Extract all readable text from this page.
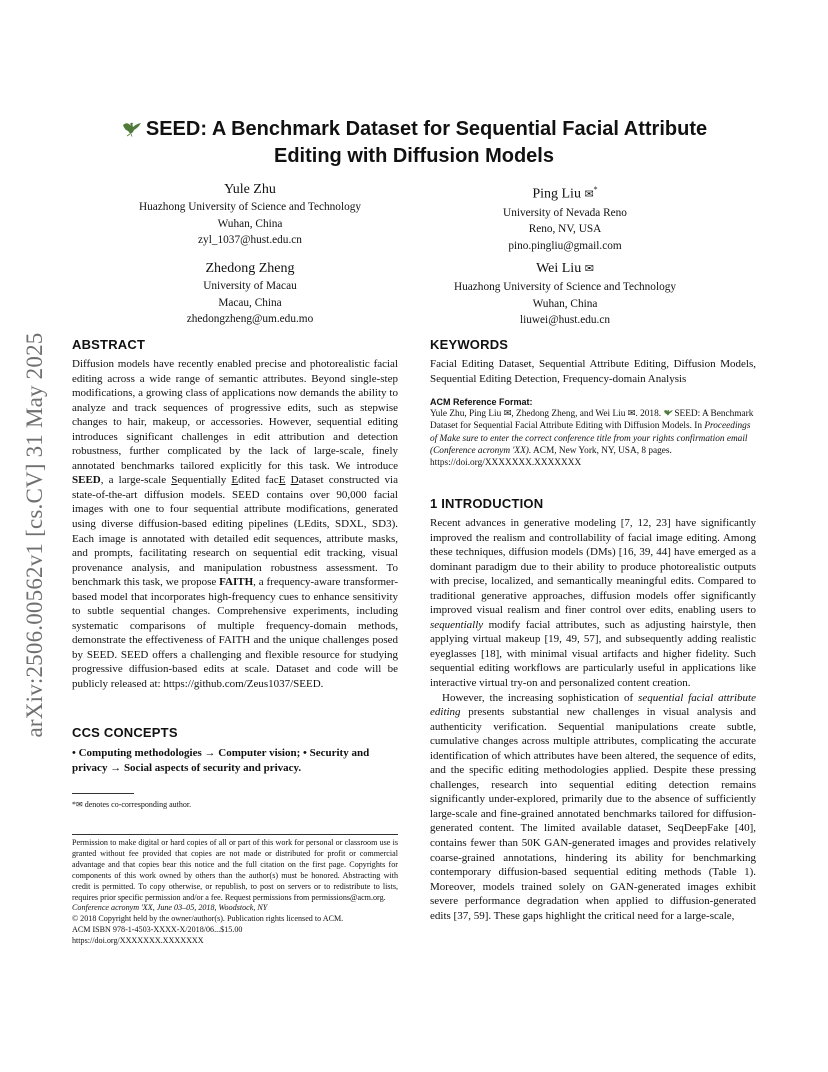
arXiv:2506.00562v1 [cs.CV] 31 May 2025
SEED: A Benchmark Dataset for Sequential Facial Attribute
Editing with Diffusion Models
Yule Zhu
Huazhong University of Science and Technology
Wuhan, China
zyl_1037@hust.edu.cn
Ping Liu ✉*
University of Nevada Reno
Reno, NV, USA
pino.pingliu@gmail.com
Zhedong Zheng
University of Macau
Macau, China
zhedongzheng@um.edu.mo
Wei Liu ✉
Huazhong University of Science and Technology
Wuhan, China
liuwei@hust.edu.cn
ABSTRACT
Diffusion models have recently enabled precise and photorealistic facial editing across a wide range of semantic attributes. Beyond single-step modifications, a growing class of applications now demands the ability to analyze and track sequences of progressive edits, such as stepwise changes to hair, makeup, or accessories. However, sequential editing introduces significant challenges in edit attribution and detection robustness, further complicated by the lack of large-scale, finely annotated benchmarks tailored explicitly for this task. We introduce SEED, a large-scale Sequentially Edited facE Dataset constructed via state-of-the-art diffusion models. SEED contains over 90,000 facial images with one to four sequential attribute modifications, generated using diverse diffusion-based editing pipelines (LEdits, SDXL, SD3). Each image is annotated with detailed edit sequences, attribute masks, and prompts, facilitating research on sequential edit tracking, visual provenance analysis, and manipulation robustness assessment. To benchmark this task, we propose FAITH, a frequency-aware transformer-based model that incorporates high-frequency cues to enhance sensitivity to subtle sequential changes. Comprehensive experiments, including systematic comparisons of multiple frequency-domain methods, demonstrate the effectiveness of FAITH and the unique challenges posed by SEED. SEED offers a challenging and flexible resource for studying progressive diffusion-based edits at scale. Dataset and code will be publicly released at: https://github.com/Zeus1037/SEED.
CCS CONCEPTS
• Computing methodologies → Computer vision; • Security and privacy → Social aspects of security and privacy.
*✉ denotes co-corresponding author.
Permission to make digital or hard copies of all or part of this work for personal or classroom use is granted without fee provided that copies are not made or distributed for profit or commercial advantage and that copies bear this notice and the full citation on the first page. Copyrights for components of this work owned by others than the author(s) must be honored. Abstracting with credit is permitted. To copy otherwise, or republish, to post on servers or to redistribute to lists, requires prior specific permission and/or a fee. Request permissions from permissions@acm.org.
Conference acronym 'XX, June 03–05, 2018, Woodstock, NY
© 2018 Copyright held by the owner/author(s). Publication rights licensed to ACM.
ACM ISBN 978-1-4503-XXXX-X/2018/06...$15.00
https://doi.org/XXXXXXX.XXXXXXX
KEYWORDS
Facial Editing Dataset, Sequential Attribute Editing, Diffusion Models, Sequential Editing Detection, Frequency-domain Analysis
ACM Reference Format:
Yule Zhu, Ping Liu ✉, Zhedong Zheng, and Wei Liu ✉. 2018. SEED: A Benchmark Dataset for Sequential Facial Attribute Editing with Diffusion Models. In Proceedings of Make sure to enter the correct conference title from your rights confirmation email (Conference acronym 'XX). ACM, New York, NY, USA, 8 pages. https://doi.org/XXXXXXX.XXXXXXX
1 INTRODUCTION

Recent advances in generative modeling [7, 12, 23] have significantly improved the realism and controllability of facial image editing. Among these techniques, diffusion models (DMs) [16, 39, 44] have emerged as a dominant paradigm due to their ability to produce photorealistic outputs with precise, localized, and semantically meaningful edits. Compared to traditional generative approaches, diffusion models offer significantly improved visual realism and finer control over edits, enabling users to sequentially modify facial attributes, such as adjusting hairstyle, then applying virtual makeup [19, 49, 57], and subsequently adding realistic eyeglasses [18], with minimal visual artifacts and higher fidelity. Such sequential editing workflows are particularly useful in applications like interactive virtual try-on and personalized content creation.

However, the increasing sophistication of sequential facial attribute editing presents substantial new challenges in visual analysis and authenticity verification. Sequential manipulations create subtle, cumulative changes across multiple attributes, complicating the accurate identification of which attributes have been altered, the sequence of edits, and the specific editing methodologies applied. Despite these pressing challenges, research into sequential editing detection remains significantly under-explored, primarily due to the absence of sufficiently large-scale and fine-grained annotated benchmarks tailored for diffusion-generated content. The limited available dataset, SeqDeepFake [40], contains fewer than 50K GAN-generated images and provides relatively coarse-grained annotations, hindering its ability for benchmarking contemporary diffusion-based sequential editing methods (Table 1). Moreover, models trained solely on GAN-generated images exhibit severe performance degradation when applied to diffusion-generated edits [37, 59]. These gaps highlight the critical need for a large-scale,
